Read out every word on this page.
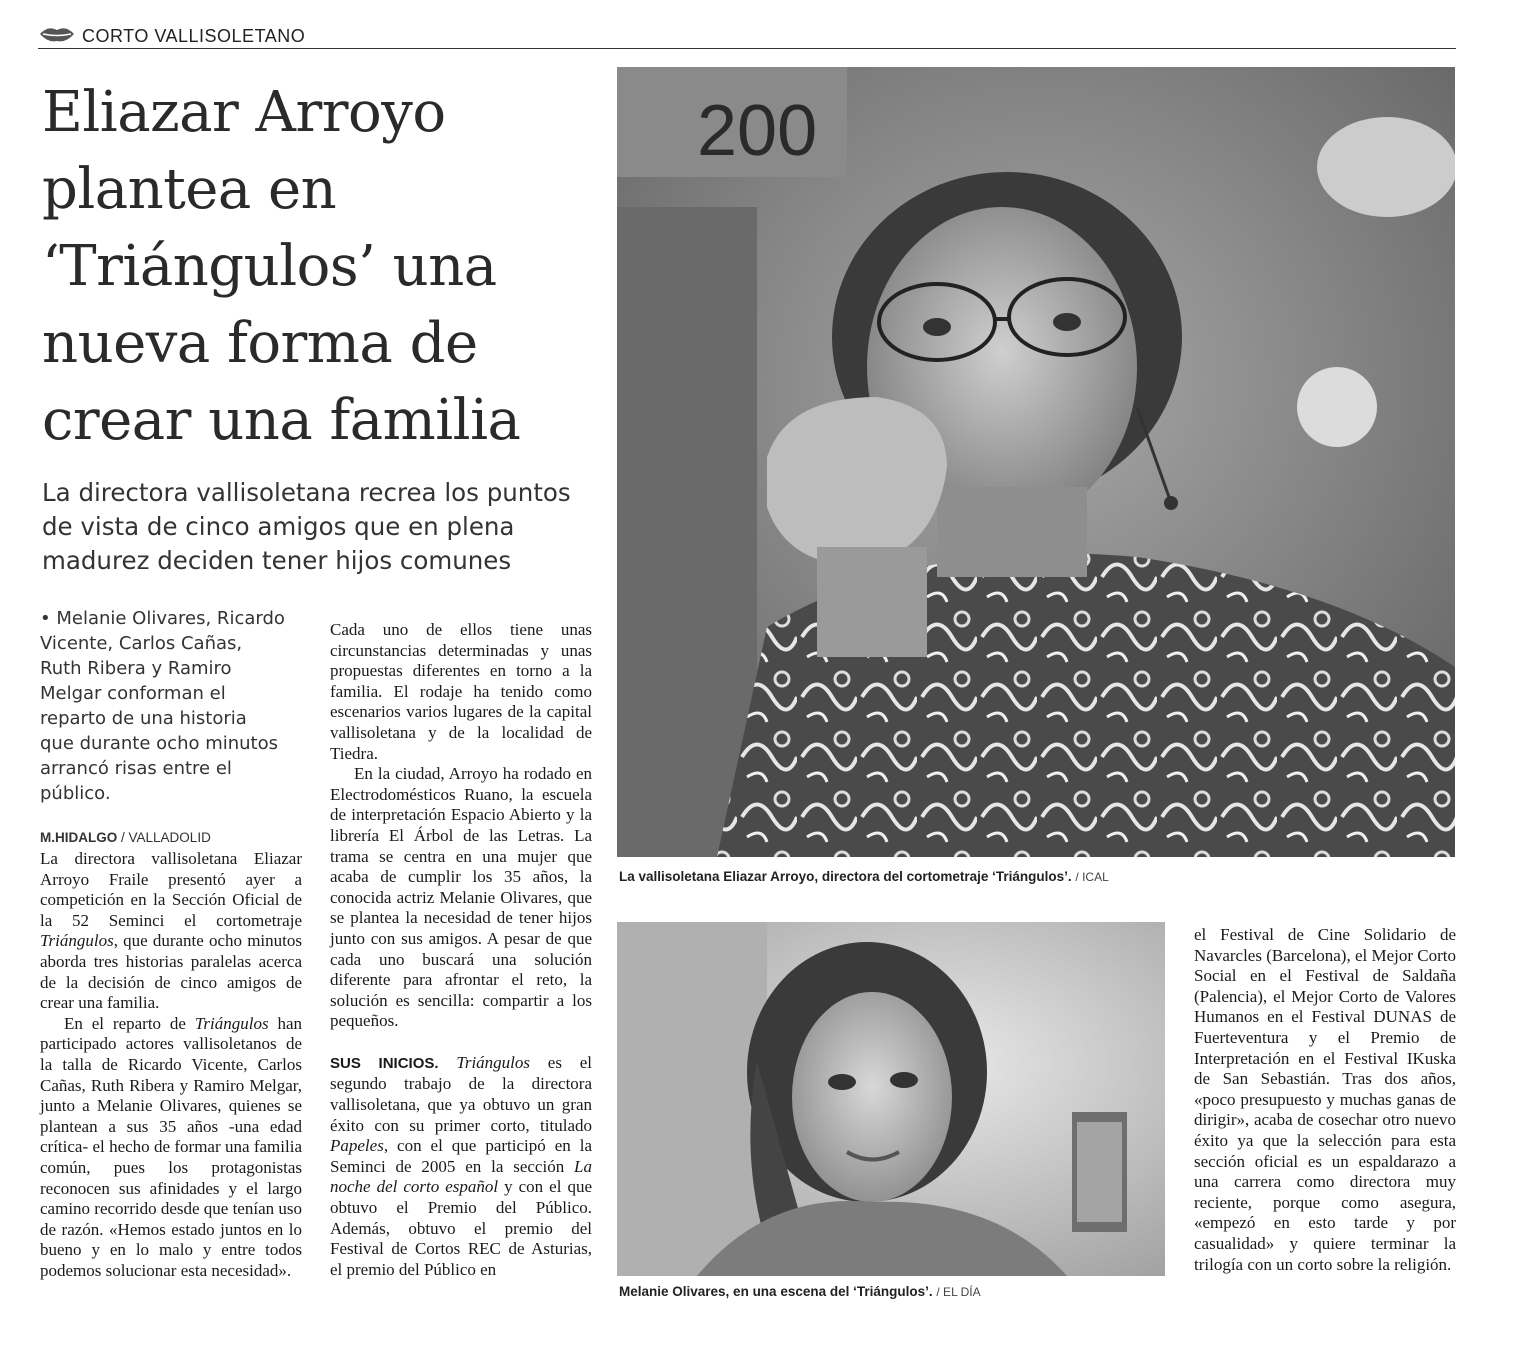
CORTO VALLISOLETANO
Eliazar Arroyo
plantea en
‘Triángulos’ una
nueva forma de
crear una familia
La directora vallisoletana recrea los puntos
de vista de cinco amigos que en plena
madurez deciden tener hijos comunes

• Melanie Olivares, Ricardo Vicente, Carlos Cañas, Ruth Ribera y Ramiro Melgar conforman el reparto de una historia que durante ocho minutos arrancó risas entre el público.

M.HIDALGO / VALLADOLID

La directora vallisoletana Eliazar Arroyo Fraile presentó ayer a competición en la Sección Oficial de la 52 Seminci el cortometraje Triángulos, que durante ocho minutos aborda tres historias paralelas acerca de la decisión de cinco amigos de crear una familia.

En el reparto de Triángulos han participado actores vallisoletanos de la talla de Ricardo Vicente, Carlos Cañas, Ruth Ribera y Ramiro Melgar, junto a Melanie Olivares, quienes se plantean a sus 35 años -una edad crítica- el hecho de formar una familia común, pues los protagonistas reconocen sus afinidades y el largo camino recorrido desde que tenían uso de razón. «Hemos estado juntos en lo bueno y en lo malo y entre todos podemos solucionar esta necesidad».

Cada uno de ellos tiene unas circunstancias determinadas y unas propuestas diferentes en torno a la familia. El rodaje ha tenido como escenarios varios lugares de la capital vallisoletana y de la localidad de Tiedra.

En la ciudad, Arroyo ha rodado en Electrodomésticos Ruano, la escuela de interpretación Espacio Abierto y la librería El Árbol de las Letras. La trama se centra en una mujer que acaba de cumplir los 35 años, la conocida actriz Melanie Olivares, que se plantea la necesidad de tener hijos junto con sus amigos. A pesar de que cada uno buscará una solución diferente para afrontar el reto, la solución es sencilla: compartir a los pequeños.

SUS INICIOS. Triángulos es el segundo trabajo de la directora vallisoletana, que ya obtuvo un gran éxito con su primer corto, titulado Papeles, con el que participó en la Seminci de 2005 en la sección La noche del corto español y con el que obtuvo el Premio del Público. Además, obtuvo el premio del Festival de Cortos REC de Asturias, el premio del Público en

200
La vallisoletana Eliazar Arroyo, directora del cortometraje ‘Triángulos’. / ICAL
Melanie Olivares, en una escena del ‘Triángulos’. / EL DÍA

el Festival de Cine Solidario de Navarcles (Barcelona), el Mejor Corto Social en el Festival de Saldaña (Palencia), el Mejor Corto de Valores Humanos en el Festival DUNAS de Fuerteventura y el Premio de Interpretación en el Festival IKuska de San Sebastián. Tras dos años, «poco presupuesto y muchas ganas de dirigir», acaba de cosechar otro nuevo éxito ya que la selección para esta sección oficial es un espaldarazo a una carrera como directora muy reciente, porque como asegura, «empezó en esto tarde y por casualidad» y quiere terminar la trilogía con un corto sobre la religión.
